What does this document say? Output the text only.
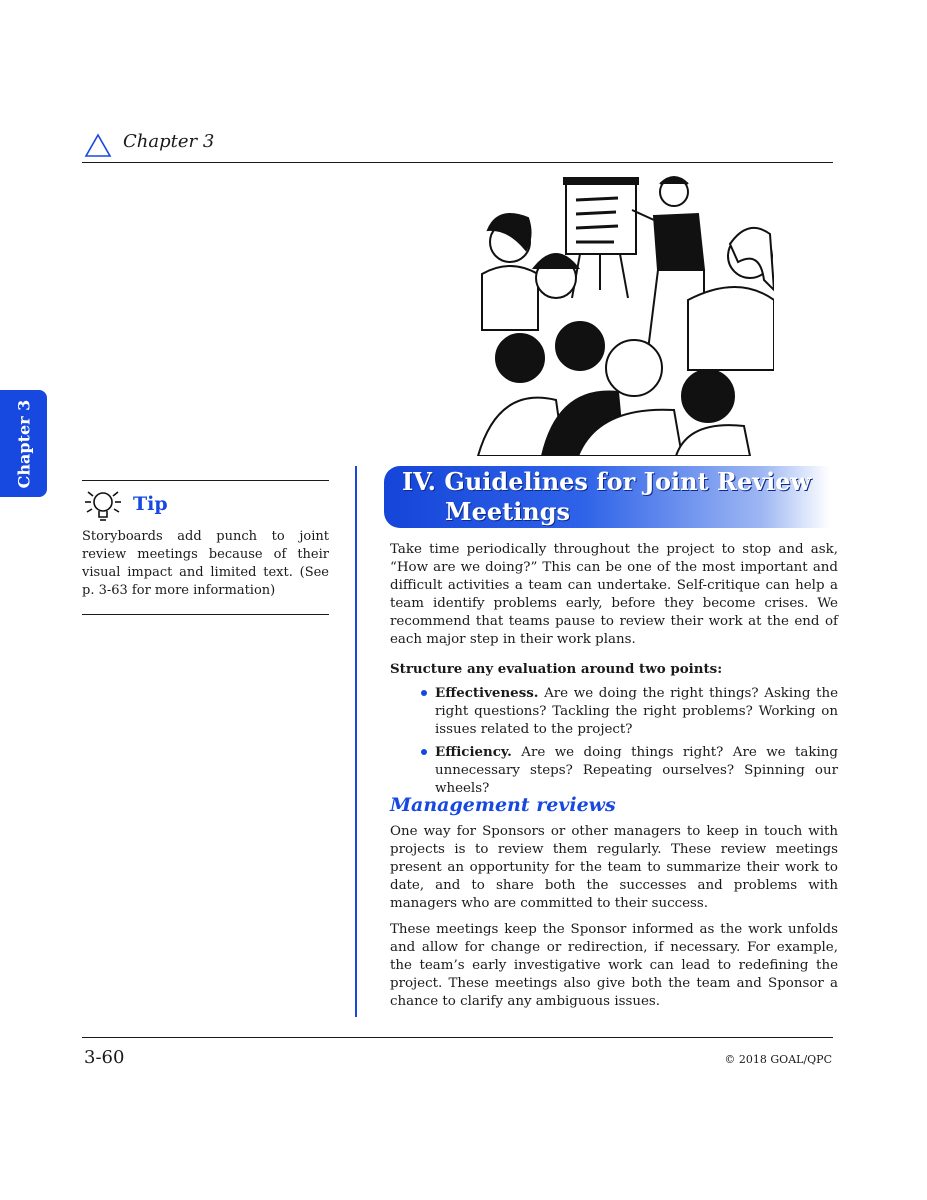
Chapter 3
Chapter 3
Tip
Storyboards add punch to joint review meetings because of their visual impact and limited text. (See p. 3-63 for more information)
IV. Guidelines for Joint Review
Meetings
Take time periodically throughout the project to stop and ask, “How are we doing?” This can be one of the most important and difficult activities a team can undertake. Self-critique can help a team identify problems early, before they become crises. We recommend that teams pause to review their work at the end of each major step in their work plans.
Structure any evaluation around two points:
Effectiveness. Are we doing the right things? Asking the right questions? Tackling the right problems? Working on issues related to the project?
Efficiency. Are we doing things right? Are we taking unnecessary steps? Repeating ourselves? Spinning our wheels?
Management reviews
One way for Sponsors or other managers to keep in touch with projects is to review them regularly. These review meetings present an opportunity for the team to summarize their work to date, and to share both the successes and problems with managers who are committed to their success.
These meetings keep the Sponsor informed as the work unfolds and allow for change or redirection, if necessary. For example, the team’s early investigative work can lead to redefining the project. These meetings also give both the team and Sponsor a chance to clarify any ambiguous issues.
3-60	© 2018 GOAL/QPC
